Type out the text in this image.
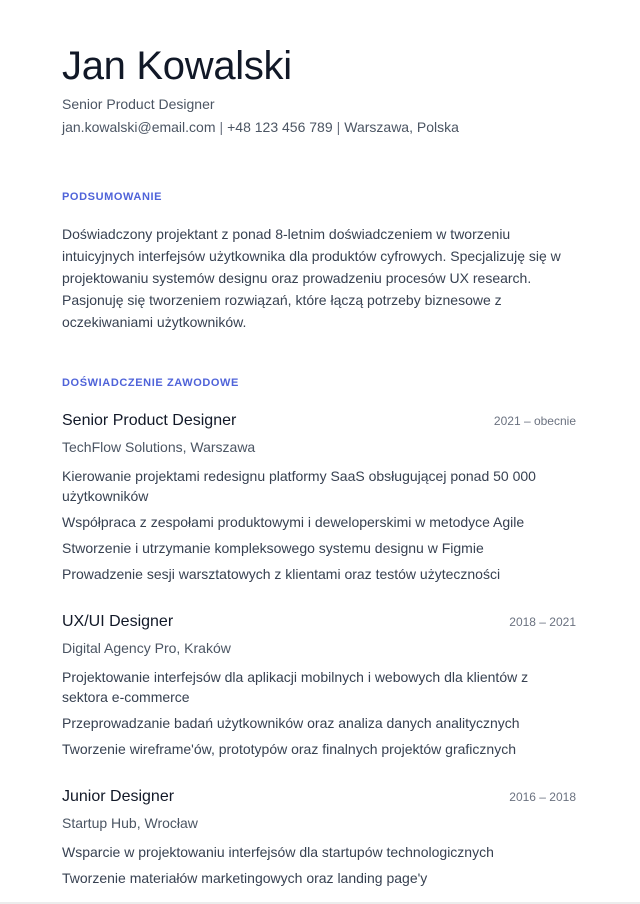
Jan Kowalski
Senior Product Designer
jan.kowalski@email.com | +48 123 456 789 | Warszawa, Polska
PODSUMOWANIE

Doświadczony projektant z ponad 8-letnim doświadczeniem w tworzeniu intuicyjnych interfejsów użytkownika dla produktów cyfrowych. Specjalizuję się w projektowaniu systemów designu oraz prowadzeniu procesów UX research. Pasjonuję się tworzeniem rozwiązań, które łączą potrzeby biznesowe z oczekiwaniami użytkowników.

DOŚWIADCZENIE ZAWODOWE
Senior Product Designer	2021 – obecnie
TechFlow Solutions, Warszawa
Kierowanie projektami redesignu platformy SaaS obsługującej ponad 50 000 użytkowników
Współpraca z zespołami produktowymi i deweloperskimi w metodyce Agile
Stworzenie i utrzymanie kompleksowego systemu designu w Figmie
Prowadzenie sesji warsztatowych z klientami oraz testów użyteczności
UX/UI Designer	2018 – 2021
Digital Agency Pro, Kraków
Projektowanie interfejsów dla aplikacji mobilnych i webowych dla klientów z sektora e-commerce
Przeprowadzanie badań użytkowników oraz analiza danych analitycznych
Tworzenie wireframe'ów, prototypów oraz finalnych projektów graficznych
Junior Designer	2016 – 2018
Startup Hub, Wrocław
Wsparcie w projektowaniu interfejsów dla startupów technologicznych
Tworzenie materiałów marketingowych oraz landing page'y
